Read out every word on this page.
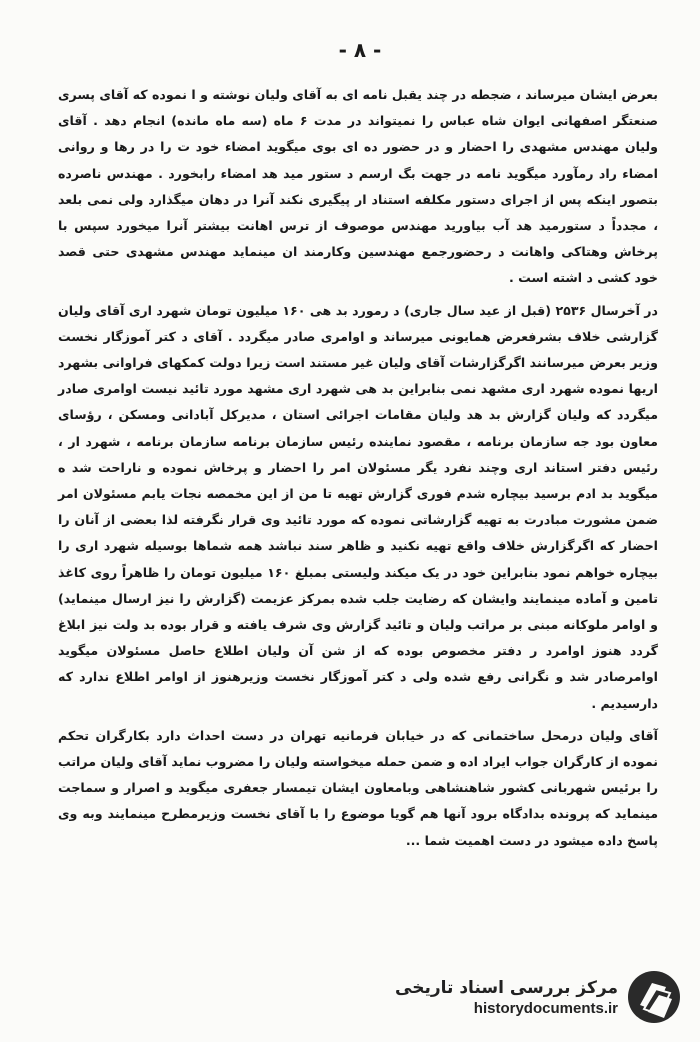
- ۸ -

بعرض ایشان میرساند ، ضجطه در چند یقبل نامه ای به آقای ولیان نوشته و ا نموده که آقای پسری صنعتگر اصفهانی ایوان شاه عباس را نمیتواند در مدت ۶ ماه (سه ماه مانده) انجام دهد . آقای ولیان مهندس مشهدی را احضار و در حضور ده ای بوی میگوید امضاء خود ت را در رها و روانی امضاء راد رمآورد میگوید نامه در جهت بگ ارسم د ستور مید هد امضاء رابخورد . مهندس ناصرده بتصور اینکه پس از اجرای دستور مکلفه استناد ار پیگیری نکند آنرا در دهان میگذارد ولی نمی بلعد ، مجدداً د ستورمید هد آب بیاورید مهندس موصوف از ترس اهانت بیشتر آنرا میخورد سپس با پرخاش وهتاکی واهانت د رحضورجمع مهندسین وکارمند ان مینماید مهندس مشهدی حتی قصد خود کشی د اشته است .

در آخرسال ۲۵۳۶ (قبل از عید سال جاری) د رمورد بد هی ۱۶۰ میلیون تومان شهرد اری آقای ولیان گزارشی خلاف بشرفعرض همایونی میرساند و اوامری صادر میگردد . آقای د کتر آموزگار نخست وزیر بعرض میرسانند اگرگزارشات آقای ولیان غیر مستند است زیرا دولت کمکهای فراوانی بشهرد اریها نموده شهرد اری مشهد نمی بنابراین بد هی شهرد اری مشهد مورد تائید نیست اوامری صادر میگردد که ولیان گزارش بد هد ولیان مقامات اجرائی استان ، مدیرکل آبادانی ومسکن ، رؤسای معاون بود جه سازمان برنامه ، مقصود نماینده رئیس سازمان برنامه سازمان برنامه ، شهرد ار ، رئیس دفتر استاند اری وچند نفرد یگر مسئولان امر را احضار و پرخاش نموده و ناراحت شد ه میگوید بد ادم برسید بیچاره شدم فوری گزارش تهیه تا من از این مخمصه نجات یابم مسئولان امر ضمن مشورت مبادرت به تهیه گزارشاتی نموده که مورد تائید وی قرار نگرفته لذا بعضی از آنان را احضار که اگرگزارش خلاف واقع تهیه نکنید و ظاهر سند نباشد همه شماها بوسیله شهرد اری را بیچاره خواهم نمود بنابراین خود در یک میکند ولیستی بمبلغ ۱۶۰ میلیون تومان را ظاهراً روی کاغذ تامین و آماده مینمایند وایشان که رضایت جلب شده بمرکز عزیمت (گزارش را نیز ارسال مینماید) و اوامر ملوکانه مبنی بر مراتب ولیان و تائید گزارش وی شرف یافته و قرار بوده بد ولت نیز ابلاغ گردد هنوز اوامرد ر دفتر مخصوص بوده که از شن آن ولیان اطلاع حاصل مسئولان میگوید اوامرصادر شد و نگرانی رفع شده ولی د کتر آموزگار نخست وزیرهنوز از اوامر اطلاع ندارد که دارسیدیم .

آقای ولیان درمحل ساختمانی که در خیابان فرمانیه تهران در دست احداث دارد بکارگران تحکم نموده از کارگران جواب ایراد اده و ضمن حمله میخواسته ولیان را مضروب نماید آقای ولیان مراتب را برئیس شهربانی کشور شاهنشاهی وبامعاون ایشان تیمسار جعفری میگوید و اصرار و سماجت مینماید که پرونده بدادگاه برود آنها هم گویا موضوع را با آقای نخست وزیرمطرح مینمایند وبه وی پاسخ داده میشود در دست اهمیت شما ...

مرکز بررسی اسناد تاریخی
historydocuments.ir
